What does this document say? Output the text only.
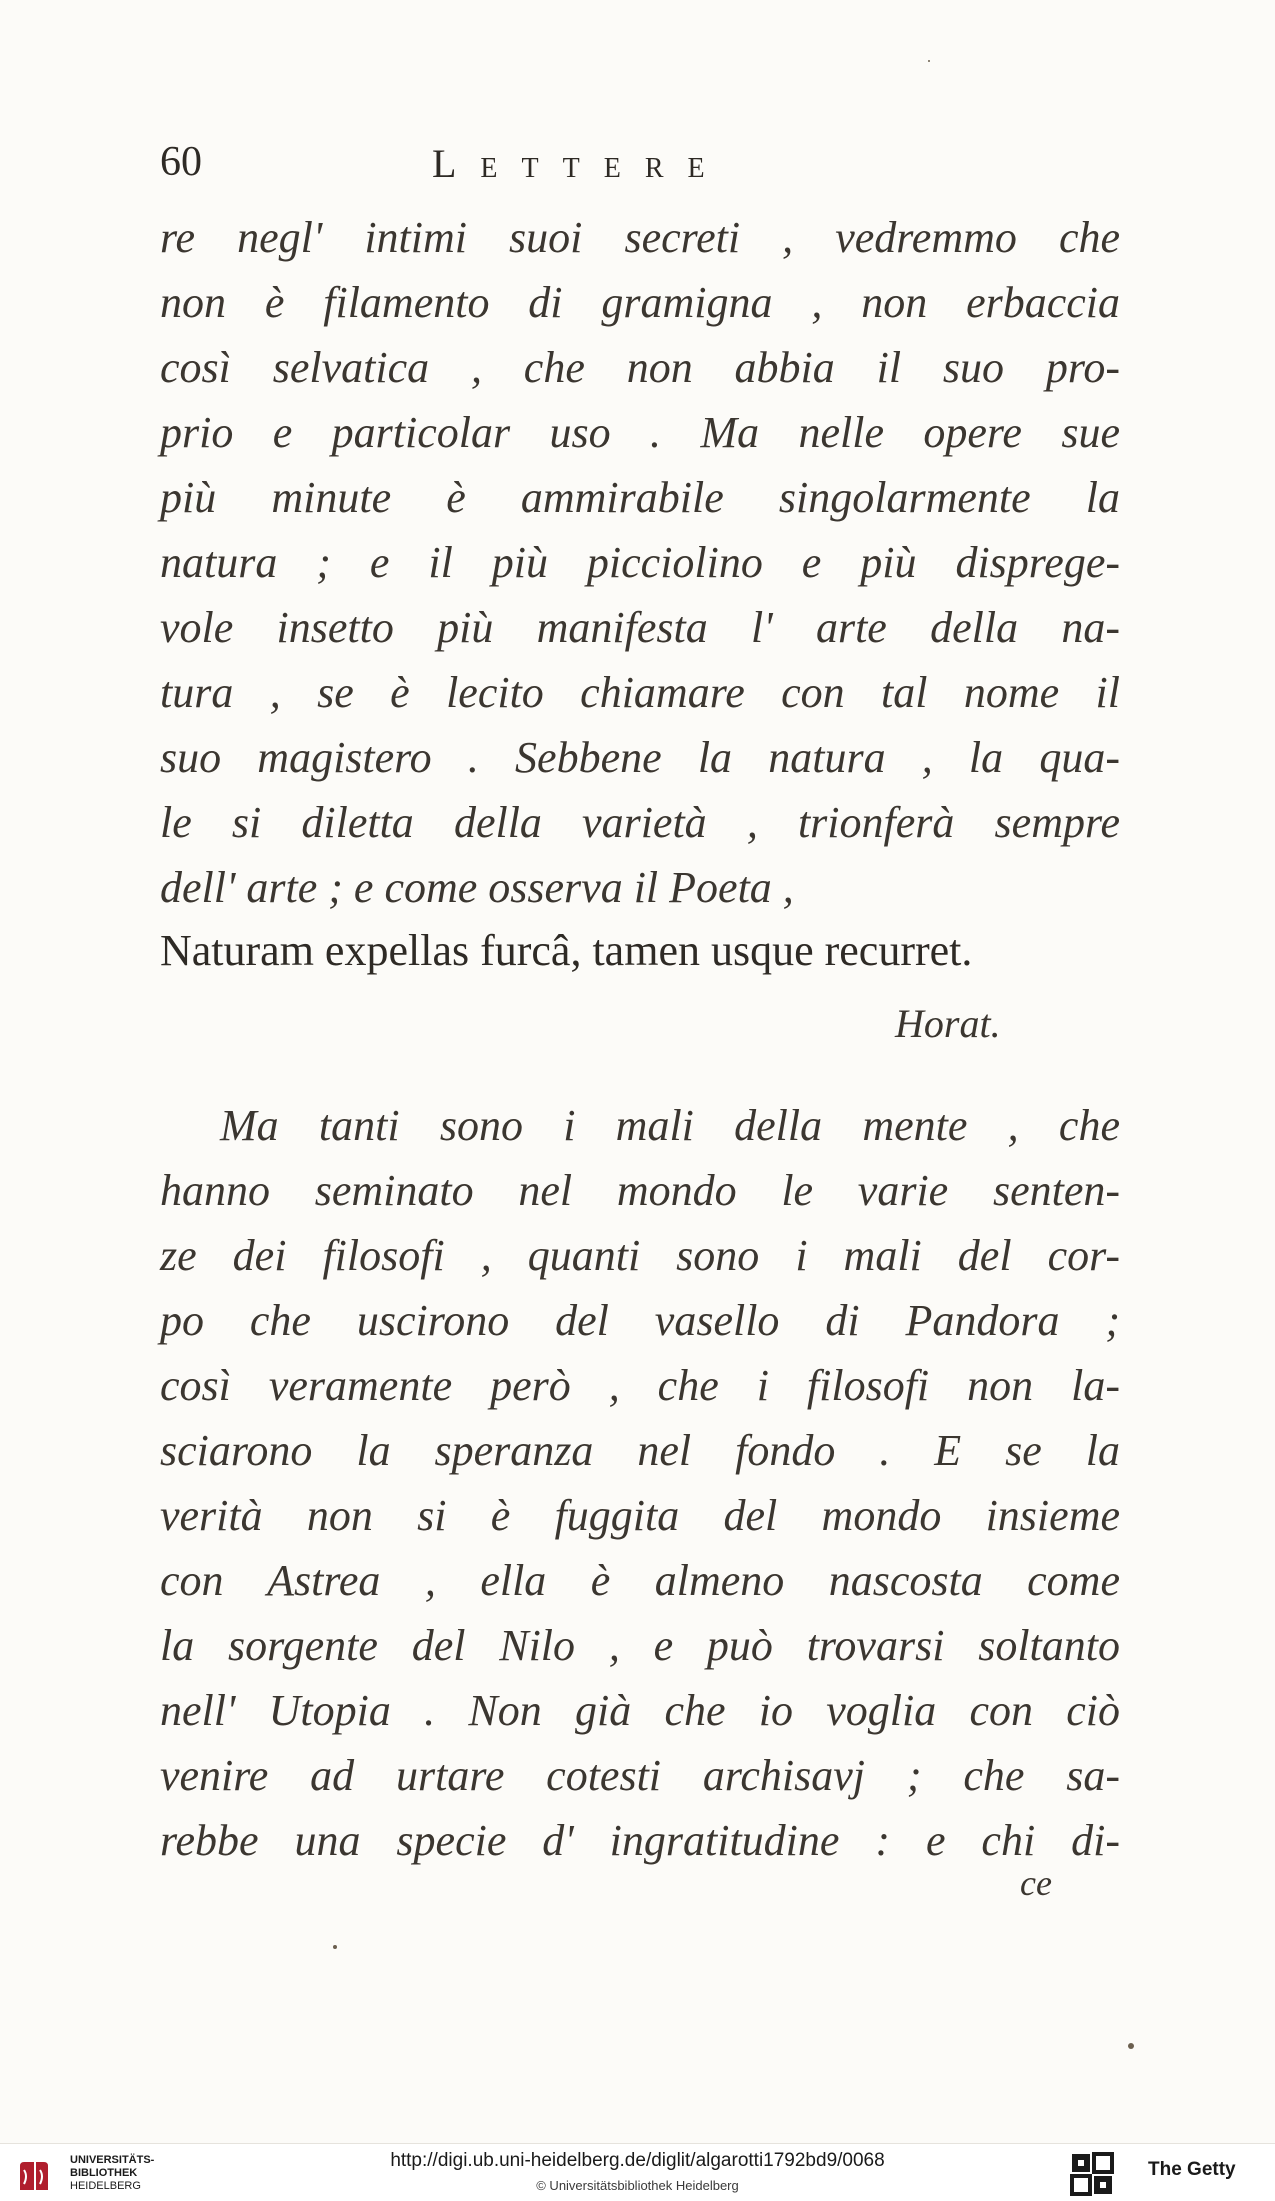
60	Lettere
re negl' intimi suoi secreti , vedremmo che
non è filamento di gramigna , non erbaccia
così selvatica , che non abbia il suo pro-
prio e particolar uso . Ma nelle opere sue
più minute è ammirabile singolarmente la
natura ; e il più picciolino e più disprege-
vole insetto più manifesta l' arte della na-
tura , se è lecito chiamare con tal nome il
suo magistero . Sebbene la natura , la qua-
le si diletta della varietà , trionferà sempre
dell' arte ; e come osserva il Poeta ,
Naturam expellas furcâ, tamen usque recurret.
Horat.
Ma tanti sono i mali della mente , che
hanno seminato nel mondo le varie senten-
ze dei filosofi , quanti sono i mali del cor-
po che uscirono del vasello di Pandora ;
così veramente però , che i filosofi non la-
sciarono la speranza nel fondo . E se la
verità non si è fuggita del mondo insieme
con Astrea , ella è almeno nascosta come
la sorgente del Nilo , e può trovarsi soltanto
nell' Utopia . Non già che io voglia con ciò
venire ad urtare cotesti archisavj ; che sa-
rebbe una specie d' ingratitudine : e chi di-
ce
UNIVERSITÄTS-
BIBLIOTHEK
HEIDELBERG
http://digi.ub.uni-heidelberg.de/diglit/algarotti1792bd9/0068
© Universitätsbibliothek Heidelberg
The Getty
